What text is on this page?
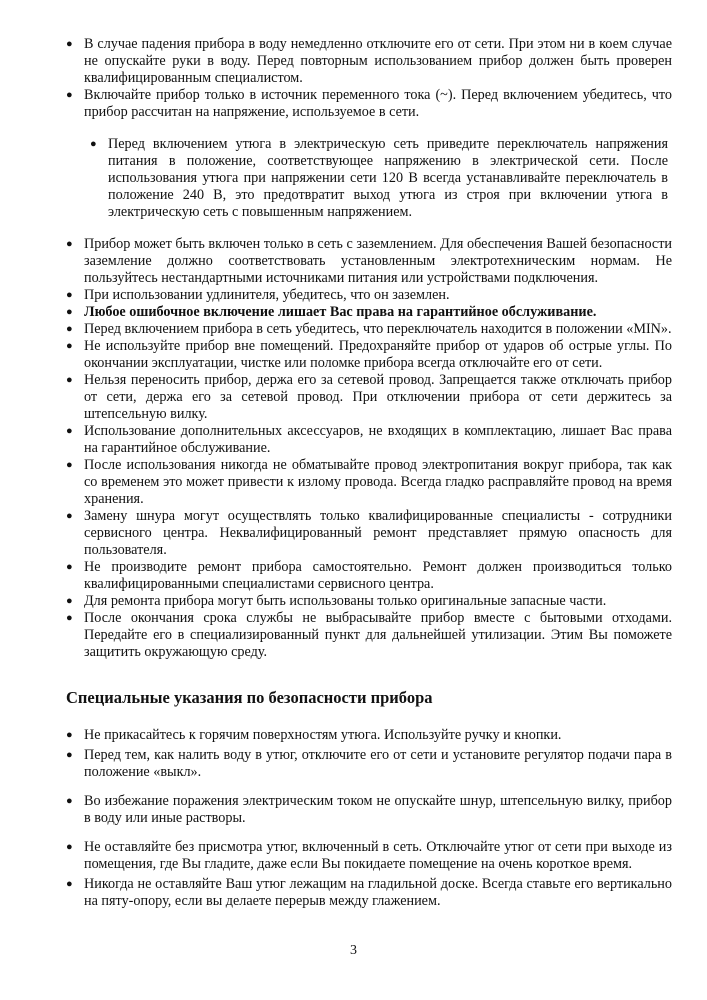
● В случае падения прибора в воду немедленно отключите его от сети. При этом ни в коем случае не опускайте руки в воду. Перед повторным использованием прибор должен быть проверен квалифицированным специалистом.
● Включайте прибор только в источник переменного тока (~). Перед включением убедитесь, что прибор рассчитан на напряжение, используемое в сети.
● Перед включением утюга в электрическую сеть приведите переключатель напряжения питания в положение, соответствующее напряжению в электрической сети. После использования утюга при напряжении сети 120 В всегда устанавливайте переключатель в положение 240 В, это предотвратит выход утюга из строя при включении утюга в электрическую сеть с повышенным напряжением.
● Прибор может быть включен только в сеть с заземлением. Для обеспечения Вашей безопасности заземление должно соответствовать установленным электротехническим нормам. Не пользуйтесь нестандартными источниками питания или устройствами подключения.
● При использовании удлинителя, убедитесь, что он заземлен.
● Любое ошибочное включение лишает Вас права на гарантийное обслуживание.
● Перед включением прибора в сеть убедитесь, что переключатель находится в положении «MIN».
● Не используйте прибор вне помещений. Предохраняйте прибор от ударов об острые углы. По окончании эксплуатации, чистке или поломке прибора всегда отключайте его от сети.
● Нельзя переносить прибор, держа его за сетевой провод. Запрещается также отключать прибор от сети, держа его за сетевой провод. При отключении прибора от сети держитесь за штепсельную вилку.
● Использование дополнительных аксессуаров, не входящих в комплектацию, лишает Вас права на гарантийное обслуживание.
● После использования никогда не обматывайте провод электропитания вокруг прибора, так как со временем это может привести к излому провода. Всегда гладко расправляйте провод на время хранения.
● Замену шнура могут осуществлять только квалифицированные специалисты - сотрудники сервисного центра. Неквалифицированный ремонт представляет прямую опасность для пользователя.
● Не производите ремонт прибора самостоятельно. Ремонт должен производиться только квалифицированными специалистами сервисного центра.
● Для ремонта прибора могут быть использованы только оригинальные запасные части.
● После окончания срока службы не выбрасывайте прибор вместе с бытовыми отходами. Передайте его в специализированный пункт для дальнейшей утилизации. Этим Вы поможете защитить окружающую среду.
Специальные указания по безопасности прибора
● Не прикасайтесь к горячим поверхностям утюга. Используйте ручку и кнопки.
● Перед тем, как налить воду в утюг, отключите его от сети и установите регулятор подачи пара в положение «выкл».
● Во избежание поражения электрическим током не опускайте шнур, штепсельную вилку, прибор в воду или иные растворы.
● Не оставляйте без присмотра утюг, включенный в сеть. Отключайте утюг от сети при выходе из помещения, где Вы гладите, даже если Вы покидаете помещение на очень короткое время.
● Никогда не оставляйте Ваш утюг лежащим на гладильной доске. Всегда ставьте его вертикально на пяту-опору, если вы делаете перерыв между глажением.
3
